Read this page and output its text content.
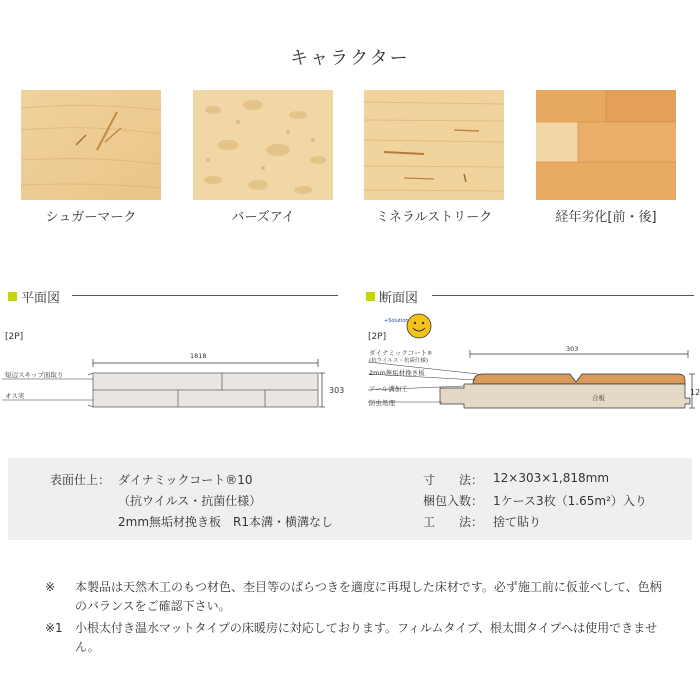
キャラクター
シュガーマーク	バーズアイ	ミネラルストリーク	経年劣化[前・後]
平面図	断面図
[2P]
1818
303
短辺スキップ面取り
オス実
[2P]
+Solution
303
12
ダイナミックコート®
(抗ウイルス・抗菌仕様)
2mm無垢材挽き板
アール溝加工
防虫処理
合板
表面仕上： ダイナミックコート®10
（抗ウイルス・抗菌仕様）
2mm無垢材挽き板　R1本溝・横溝なし
寸　　法： 12×303×1,818mm
梱包入数： 1ケース3枚（1.65m²）入り
工　　法： 捨て貼り
※ 本製品は天然木工のもつ材色、杢目等のばらつきを適度に再現した床材です。必ず施工前に仮並べして、色柄のバランスをご確認下さい。
※1 小根太付き温水マットタイプの床暖房に対応しております。フィルムタイプ、根太間タイプへは使用できません。
